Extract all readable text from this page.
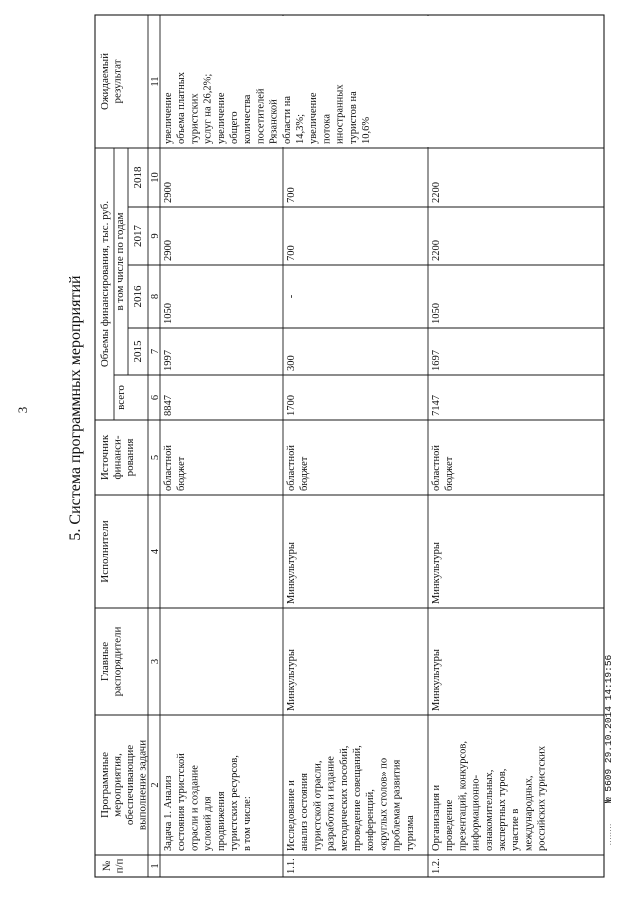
3 5. Система программных мероприятий
........
№ 5609 29.10.2014 14:19:56
№ п/п
Программные мероприятия, обеспечивающие выполнение задачи
Главные распорядители
Исполнители
Источник финанси- рования
Объемы финансирования, тыс. руб.
всего
в том числе по годам
2015
2016
2017
2018
Ожидаемый результат
1
2
3
4
5
6
7
8
9
10
11
Задача 1. Анализ состояния туристской отрасли и создание условий для продвижения туристских ресурсов, в том числе:
областной бюджет
8847
1997
1050
2900
2900
увеличение объема платных туристских услуг на 26,2%; увеличение общего количества посетителей Рязанской области на 14,3%; увеличение потока иностранных туристов на 10,6%
1.1.
Исследование и анализ состояния туристской отрасли, разработка и издание методических пособий, проведение совещаний, конференций, «круглых столов» по проблемам развития туризма
Минкультуры
Минкультуры
областной бюджет
1700
300
-
700
700
1.2.
Организация и проведение презентаций, конкурсов, информационно- ознакомительных, экспертных туров, участие в международных, российских туристских
Минкультуры
Минкультуры
областной бюджет
7147
1697
1050
2200
2200
